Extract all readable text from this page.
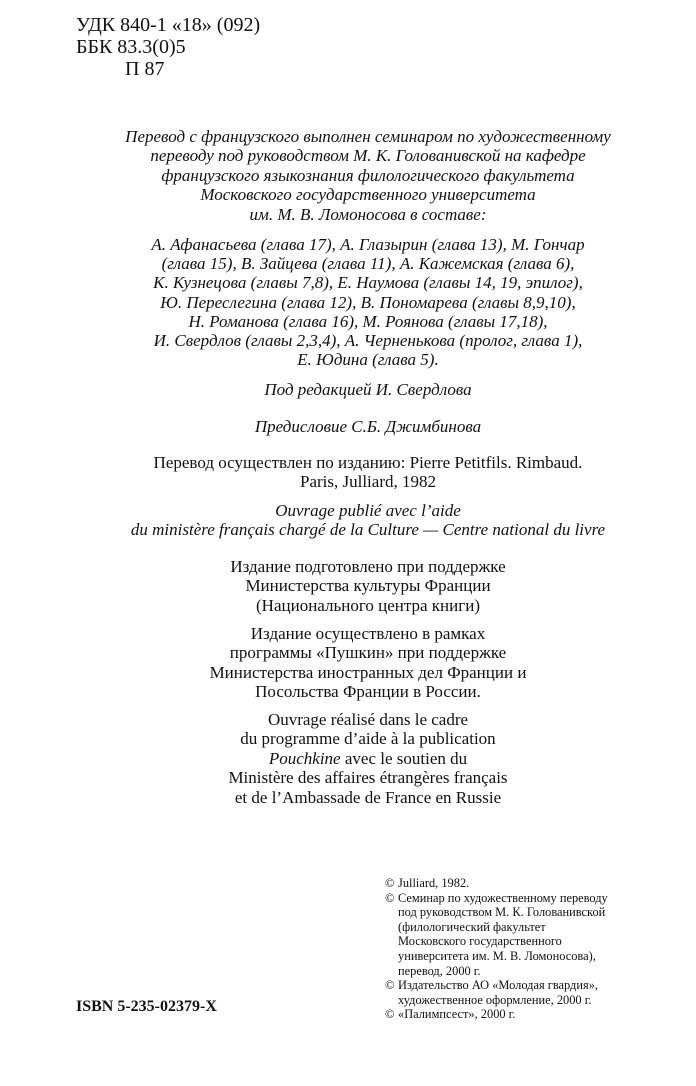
УДК 840-1 «18» (092)
ББК 83.3(0)5
П 87
Перевод с французского выполнен семинаром по художественному
переводу под руководством М. К. Голованивской на кафедре
французского языкознания филологического факультета
Московского государственного университета
им. М. В. Ломоносова в составе:
А. Афанасьева (глава 17), А. Глазырин (глава 13), М. Гончар
(глава 15), В. Зайцева (глава 11), А. Кажемская (глава 6),
К. Кузнецова (главы 7,8), Е. Наумова (главы 14, 19, эпилог),
Ю. Переслегина (глава 12), В. Пономарева (главы 8,9,10),
Н. Романова (глава 16), М. Роянова (главы 17,18),
И. Свердлов (главы 2,3,4), А. Черненькова (пролог, глава 1),
Е. Юдина (глава 5).
Под редакцией И. Свердлова
Предисловие С.Б. Джимбинова
Перевод осуществлен по изданию: Pierre Petitfils. Rimbaud.
Paris, Julliard, 1982
Ouvrage publié avec l’aide
du ministère français chargé de la Culture — Centre national du livre
Издание подготовлено при поддержке
Министерства культуры Франции
(Национального центра книги)
Издание осуществлено в рамках
программы «Пушкин» при поддержке
Министерства иностранных дел Франции и
Посольства Франции в России.
Ouvrage réalisé dans le cadre
du programme d’aide à la publication
Pouchkine avec le soutien du
Ministère des affaires étrangères français
et de l’Ambassade de France en Russie
© Julliard, 1982.
© Семинар по художественному переводу
под руководством М. К. Голованивской
(филологический факультет
Московского государственного
университета им. М. В. Ломоносова),
перевод, 2000 г.
© Издательство АО «Молодая гвардия»,
художественное оформление, 2000 г.
© «Палимпсест», 2000 г.
ISBN 5-235-02379-X
